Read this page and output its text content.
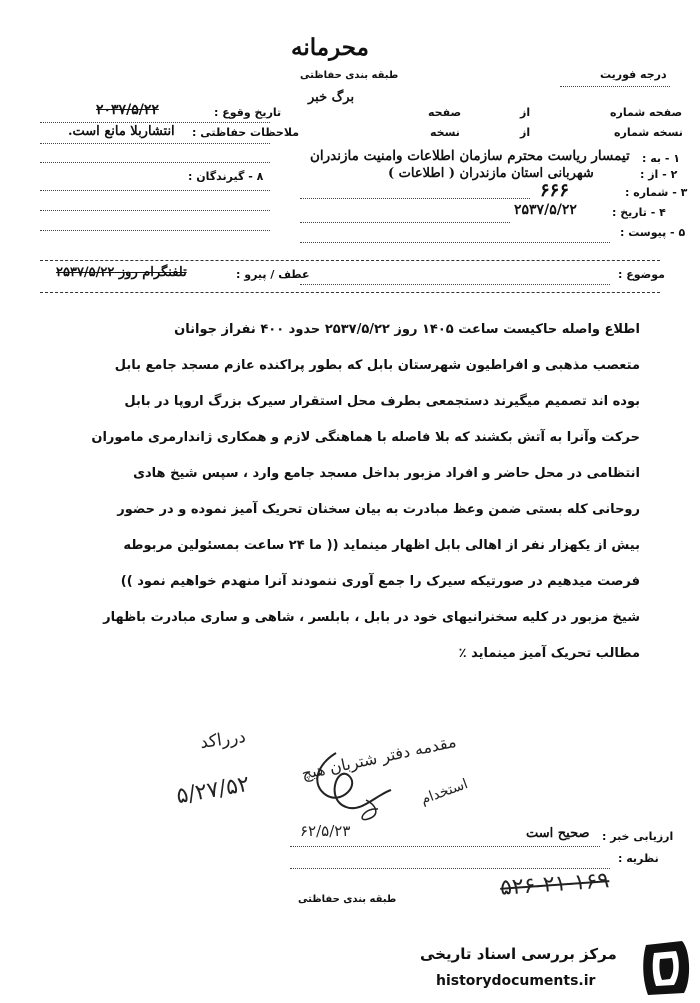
محرمانه
طبقه بندی حفاظتی
برگ خبر
درجه فوریت
تاریخ وقوع :
۲۰۳۷/۵/۲۲
ملاحظات حفاظتی :
انتشاربلا مانع است.
۸ - گیرندگان :
صفحه شماره
از
صفحه
نسخه شماره
از
نسخه
۱ - به :
تیمسار ریاست محترم سازمان اطلاعات وامنیت مازندران
۲ - از :
شهربانی استان مازندران ( اطلاعات )
۳ - شماره :
۶۶۶
۴ - تاریخ :
۲۵۳۷/۵/۲۲
۵ - پیوست :
موضوع :
عطف / پیرو :
تلفنگرام روز ۲۵۳۷/۵/۲۲
اطلاع واصله حاکیست ساعت ۱۴۰۵ روز ۲۵۳۷/۵/۲۲ حدود ۴۰۰ نفراز جوانان
متعصب مذهبی و افراطیون شهرستان بابل که بطور پراکنده عازم مسجد جامع بابل
بوده اند تصمیم میگیرند دستجمعی بطرف محل استقرار سیرک بزرگ اروپا در بابل
حرکت وآنرا به آتش بکشند که بلا فاصله با هماهنگی لازم و همکاری ژاندارمری ماموران
انتظامی در محل حاضر و افراد مزبور بداخل مسجد جامع وارد ، سپس شیخ هادی
روحانی کله بستی ضمن وعظ مبادرت به بیان سخنان تحریک آمیز نموده و در حضور
بیش از یکهزار نفر از اهالی بابل اظهار مینماید (( ما ۲۴ ساعت بمسئولین مربوطه
فرصت میدهیم در صورتیکه سیرک را جمع آوری ننمودند آنرا منهدم خواهیم نمود ))
شیخ مزبور در کلیه سخنرانیهای خود در بابل ، بابلسر ، شاهی و ساری مبادرت باظهار
مطالب تحریک آمیز مینماید ٪
درراکد	مقدمه دفتر شتربان هیچ
استخدام
۵/۲۷/۵۲
۶۲/۵/۲۳	ارزیابی خبر :
صحیح است
نظریه :
طبقه بندی حفاظتی	۵۲۶-۲۱-۱۶۹
مرکز بررسی اسناد تاریخی
historydocuments.ir
